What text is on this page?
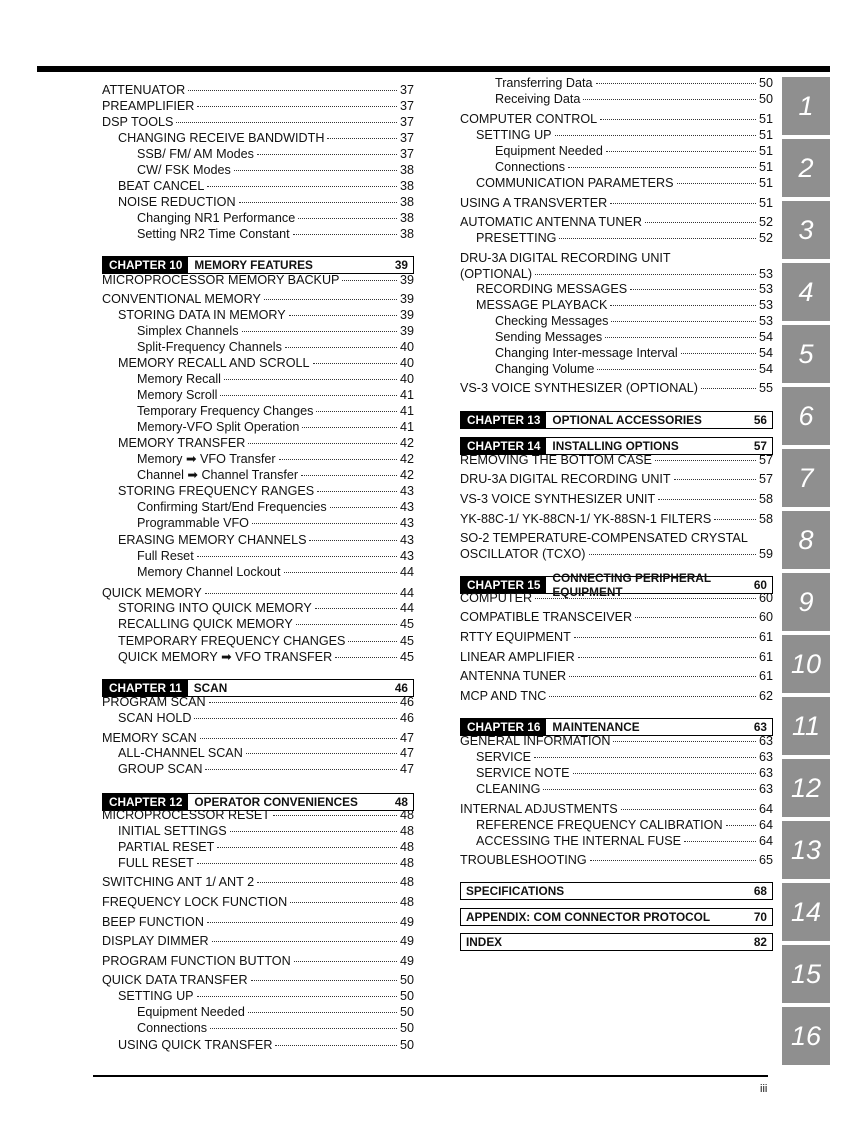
ATTENUATOR	37
PREAMPLIFIER	37
DSP TOOLS	37
CHANGING RECEIVE BANDWIDTH	37
SSB/ FM/ AM Modes	37
CW/ FSK Modes	38
BEAT CANCEL	38
NOISE REDUCTION	38
Changing NR1 Performance	38
Setting NR2 Time Constant	38
CHAPTER 10	MEMORY FEATURES	39
MICROPROCESSOR MEMORY BACKUP	39
CONVENTIONAL MEMORY	39
STORING DATA IN MEMORY	39
Simplex Channels	39
Split-Frequency Channels	40
MEMORY RECALL AND SCROLL	40
Memory Recall	40
Memory Scroll	41
Temporary Frequency Changes	41
Memory-VFO Split Operation	41
MEMORY TRANSFER	42
Memory ➡ VFO Transfer	42
Channel ➡ Channel Transfer	42
STORING FREQUENCY RANGES	43
Confirming Start/End Frequencies	43
Programmable VFO	43
ERASING MEMORY CHANNELS	43
Full Reset	43
Memory Channel Lockout	44
QUICK MEMORY	44
STORING INTO QUICK MEMORY	44
RECALLING QUICK MEMORY	45
TEMPORARY FREQUENCY CHANGES	45
QUICK MEMORY ➡ VFO TRANSFER	45
CHAPTER 11	SCAN	46
PROGRAM SCAN	46
SCAN HOLD	46
MEMORY SCAN	47
ALL-CHANNEL SCAN	47
GROUP SCAN	47
CHAPTER 12	OPERATOR CONVENIENCES	48
MICROPROCESSOR RESET	48
INITIAL SETTINGS	48
PARTIAL RESET	48
FULL RESET	48
SWITCHING ANT 1/ ANT 2	48
FREQUENCY LOCK FUNCTION	48
BEEP FUNCTION	49
DISPLAY DIMMER	49
PROGRAM FUNCTION BUTTON	49
QUICK DATA TRANSFER	50
SETTING UP	50
Equipment Needed	50
Connections	50
USING QUICK TRANSFER	50
Transferring Data	50
Receiving Data	50
COMPUTER CONTROL	51
SETTING UP	51
Equipment Needed	51
Connections	51
COMMUNICATION PARAMETERS	51
USING A TRANSVERTER	51
AUTOMATIC ANTENNA TUNER	52
PRESETTING	52
DRU-3A DIGITAL RECORDING UNIT
(OPTIONAL)	53
RECORDING MESSAGES	53
MESSAGE PLAYBACK	53
Checking Messages	53
Sending Messages	54
Changing Inter-message Interval	54
Changing Volume	54
VS-3 VOICE SYNTHESIZER (OPTIONAL)	55
CHAPTER 13	OPTIONAL ACCESSORIES	56
CHAPTER 14	INSTALLING OPTIONS	57
REMOVING THE BOTTOM CASE	57
DRU-3A DIGITAL RECORDING UNIT	57
VS-3 VOICE SYNTHESIZER UNIT	58
YK-88C-1/ YK-88CN-1/ YK-88SN-1 FILTERS	58
SO-2 TEMPERATURE-COMPENSATED CRYSTAL
OSCILLATOR (TCXO)	59
CHAPTER 15	CONNECTING PERIPHERAL EQUIPMENT	60
COMPUTER	60
COMPATIBLE TRANSCEIVER	60
RTTY EQUIPMENT	61
LINEAR AMPLIFIER	61
ANTENNA TUNER	61
MCP AND TNC	62
CHAPTER 16	MAINTENANCE	63
GENERAL INFORMATION	63
SERVICE	63
SERVICE NOTE	63
CLEANING	63
INTERNAL ADJUSTMENTS	64
REFERENCE FREQUENCY CALIBRATION	64
ACCESSING THE INTERNAL FUSE	64
TROUBLESHOOTING	65
SPECIFICATIONS	68
APPENDIX: COM CONNECTOR PROTOCOL	70
INDEX	82
1
2
3
4
5
6
7
8
9
10
11
12
13
14
15
16
iii
